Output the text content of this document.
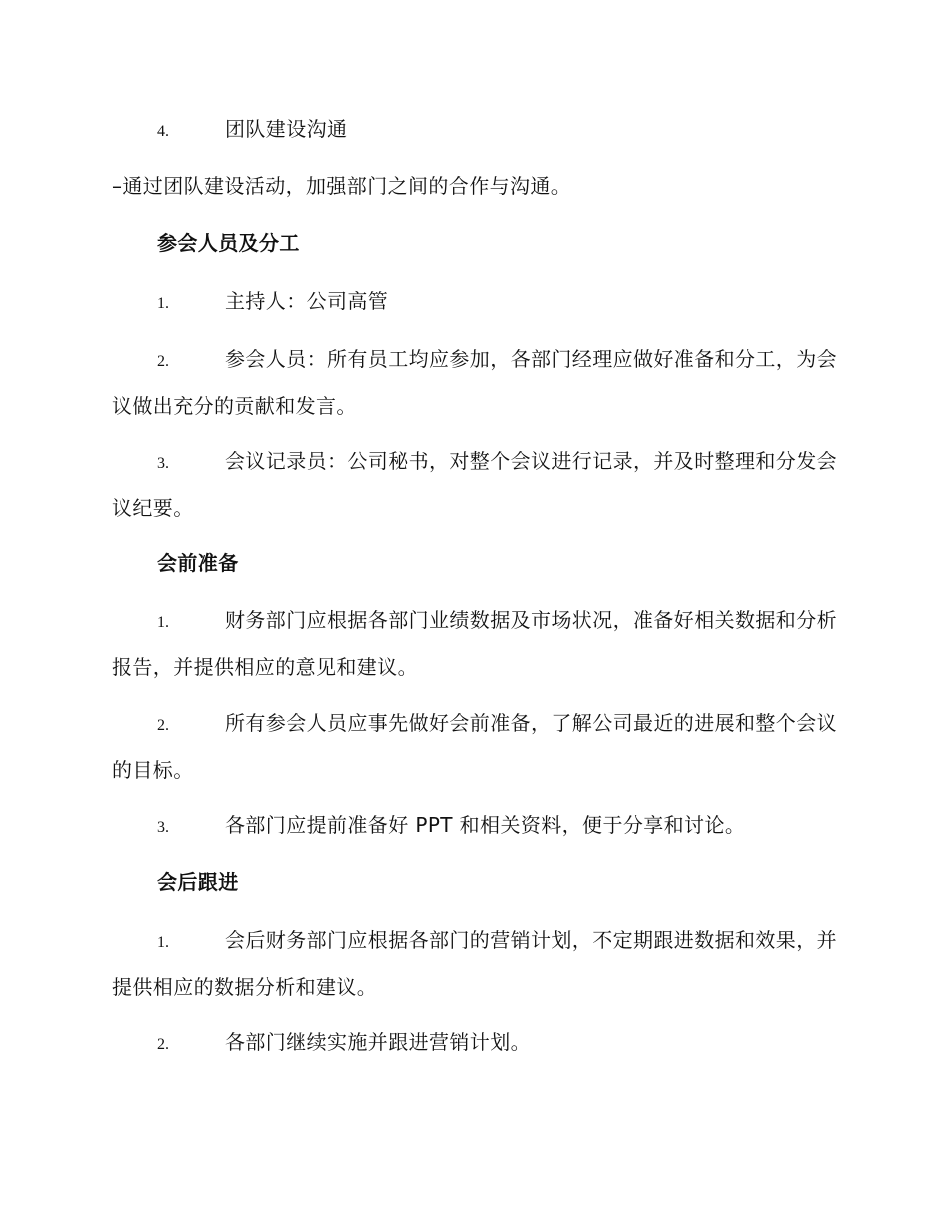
4.	团队建设沟通
–通过团队建设活动，加强部门之间的合作与沟通。
参会人员及分工
1.	主持人：公司高管
2.	参会人员：所有员工均应参加，各部门经理应做好准备和分工，为会议做出充分的贡献和发言。
3.	会议记录员：公司秘书，对整个会议进行记录，并及时整理和分发会议纪要。
会前准备
1.	财务部门应根据各部门业绩数据及市场状况，准备好相关数据和分析报告，并提供相应的意见和建议。
2.	所有参会人员应事先做好会前准备，了解公司最近的进展和整个会议的目标。
3.	各部门应提前准备好 PPT 和相关资料，便于分享和讨论。
会后跟进
1.	会后财务部门应根据各部门的营销计划，不定期跟进数据和效果，并提供相应的数据分析和建议。
2.	各部门继续实施并跟进营销计划。
